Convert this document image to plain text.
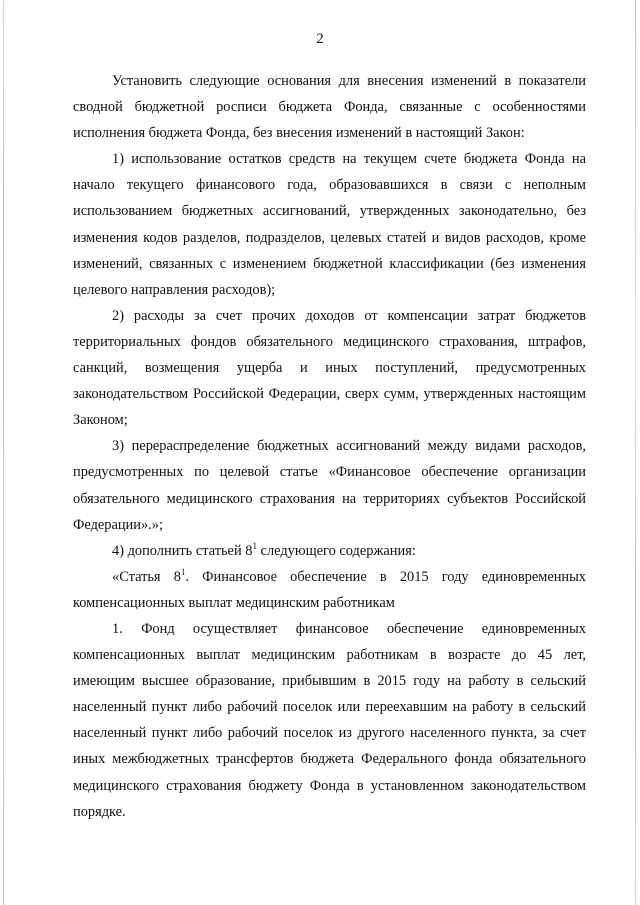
2

Установить следующие основания для внесения изменений в показатели сводной бюджетной росписи бюджета Фонда, связанные с особенностями исполнения бюджета Фонда, без внесения изменений в настоящий Закон:

1) использование остатков средств на текущем счете бюджета Фонда на начало текущего финансового года, образовавшихся в связи с неполным использованием бюджетных ассигнований, утвержденных законодательно, без изменения кодов разделов, подразделов, целевых статей и видов расходов, кроме изменений, связанных с изменением бюджетной классификации (без изменения целевого направления расходов);

2) расходы за счет прочих доходов от компенсации затрат бюджетов территориальных фондов обязательного медицинского страхования, штрафов, санкций, возмещения ущерба и иных поступлений, предусмотренных законодательством Российской Федерации, сверх сумм, утвержденных настоящим Законом;

3) перераспределение бюджетных ассигнований между видами расходов, предусмотренных по целевой статье «Финансовое обеспечение организации обязательного медицинского страхования на территориях субъектов Российской Федерации».»;

4) дополнить статьей $8^1$ следующего содержания:

«Статья $8^1$. Финансовое обеспечение в 2015 году единовременных компенсационных выплат медицинским работникам

1. Фонд осуществляет финансовое обеспечение единовременных компенсационных выплат медицинским работникам в возрасте до 45 лет, имеющим высшее образование, прибывшим в 2015 году на работу в сельский населенный пункт либо рабочий поселок или переехавшим на работу в сельский населенный пункт либо рабочий поселок из другого населенного пункта, за счет иных межбюджетных трансфертов бюджета Федерального фонда обязательного медицинского страхования бюджету Фонда в установленном законодательством порядке.
